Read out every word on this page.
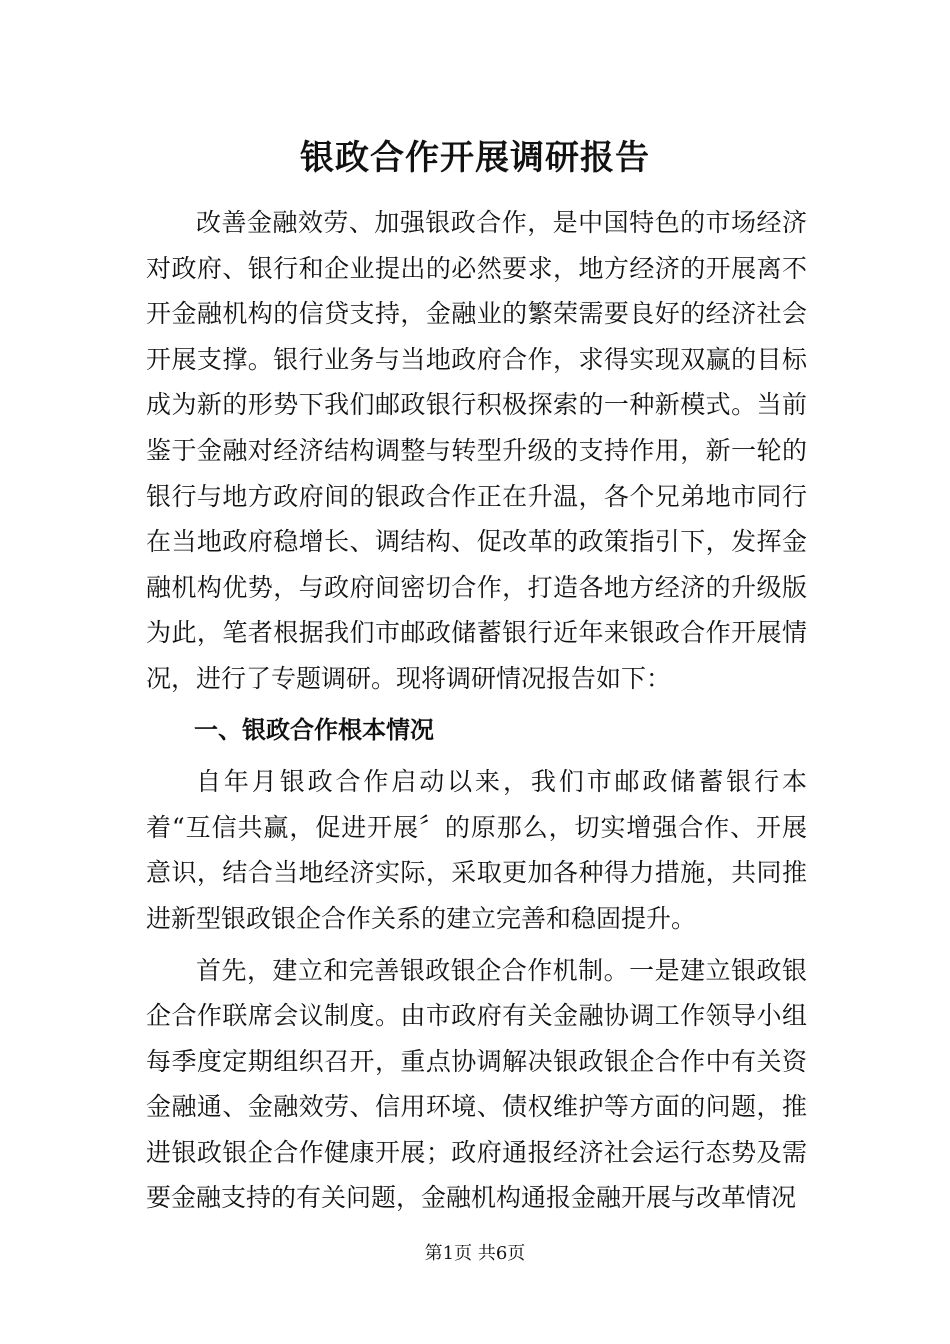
银政合作开展调研报告

改善金融效劳、加强银政合作，是中国特色的市场经济对政府、银行和企业提出的必然要求，地方经济的开展离不开金融机构的信贷支持，金融业的繁荣需要良好的经济社会开展支撑。银行业务与当地政府合作，求得实现双赢的目标成为新的形势下我们邮政银行积极探索的一种新模式。当前鉴于金融对经济结构调整与转型升级的支持作用，新一轮的银行与地方政府间的银政合作正在升温，各个兄弟地市同行在当地政府稳增长、调结构、促改革的政策指引下，发挥金融机构优势，与政府间密切合作，打造各地方经济的升级版为此，笔者根据我们市邮政储蓄银行近年来银政合作开展情况，进行了专题调研。现将调研情况报告如下：

一、银政合作根本情况

自年月银政合作启动以来，我们市邮政储蓄银行本着“互信共赢，促进开展〞的原那么，切实增强合作、开展意识，结合当地经济实际，采取更加各种得力措施，共同推进新型银政银企合作关系的建立完善和稳固提升。

首先，建立和完善银政银企合作机制。一是建立银政银企合作联席会议制度。由市政府有关金融协调工作领导小组每季度定期组织召开，重点协调解决银政银企合作中有关资金融通、金融效劳、信用环境、债权维护等方面的问题，推进银政银企合作健康开展；政府通报经济社会运行态势及需要金融支持的有关问题，金融机构通报金融开展与改革情况

第1页 共6页
